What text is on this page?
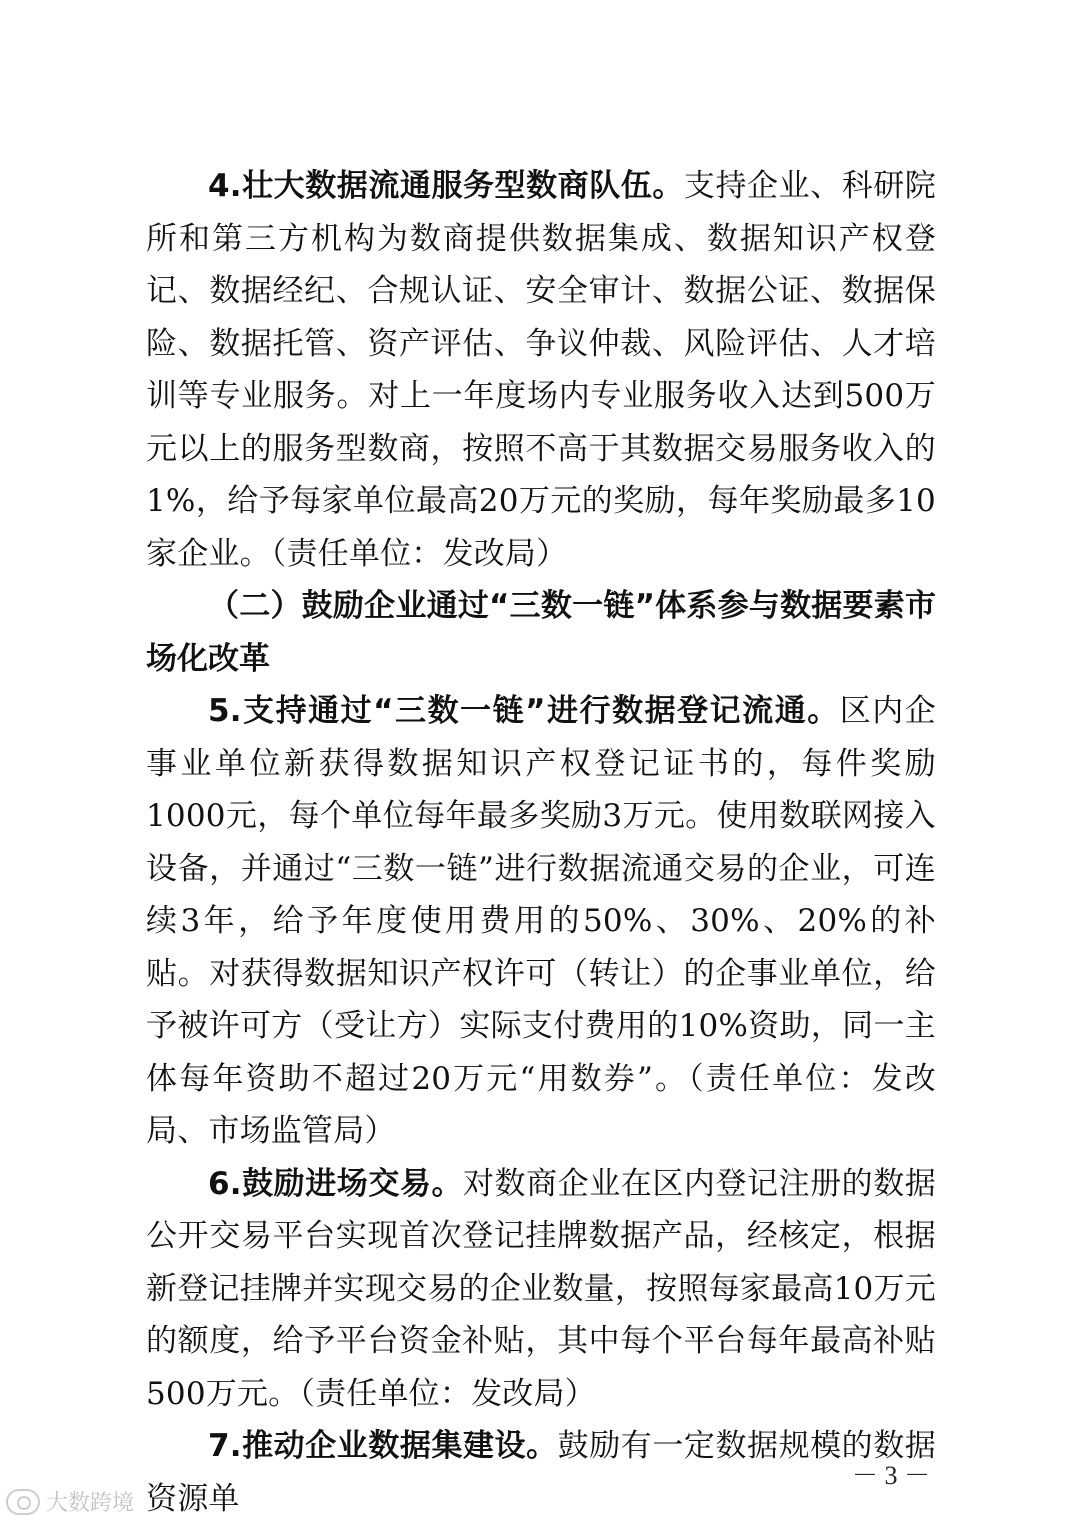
4.壮大数据流通服务型数商队伍。支持企业、科研院所和第三方机构为数商提供数据集成、数据知识产权登记、数据经纪、合规认证、安全审计、数据公证、数据保险、数据托管、资产评估、争议仲裁、风险评估、人才培训等专业服务。对上一年度场内专业服务收入达到500万元以上的服务型数商，按照不高于其数据交易服务收入的1%，给予每家单位最高20万元的奖励，每年奖励最多10家企业。（责任单位：发改局）

（二）鼓励企业通过“三数一链”体系参与数据要素市场化改革

5.支持通过“三数一链”进行数据登记流通。区内企事业单位新获得数据知识产权登记证书的，每件奖励1000元，每个单位每年最多奖励3万元。使用数联网接入设备，并通过“三数一链”进行数据流通交易的企业，可连续3年，给予年度使用费用的50%、30%、20%的补贴。对获得数据知识产权许可（转让）的企事业单位，给予被许可方（受让方）实际支付费用的10%资助，同一主体每年资助不超过20万元“用数券”。（责任单位：发改局、市场监管局）

6.鼓励进场交易。对数商企业在区内登记注册的数据公开交易平台实现首次登记挂牌数据产品，经核定，根据新登记挂牌并实现交易的企业数量，按照每家最高10万元的额度，给予平台资金补贴，其中每个平台每年最高补贴500万元。（责任单位：发改局）

7.推动企业数据集建设。鼓励有一定数据规模的数据资源单

－ 3 －
大数跨境
